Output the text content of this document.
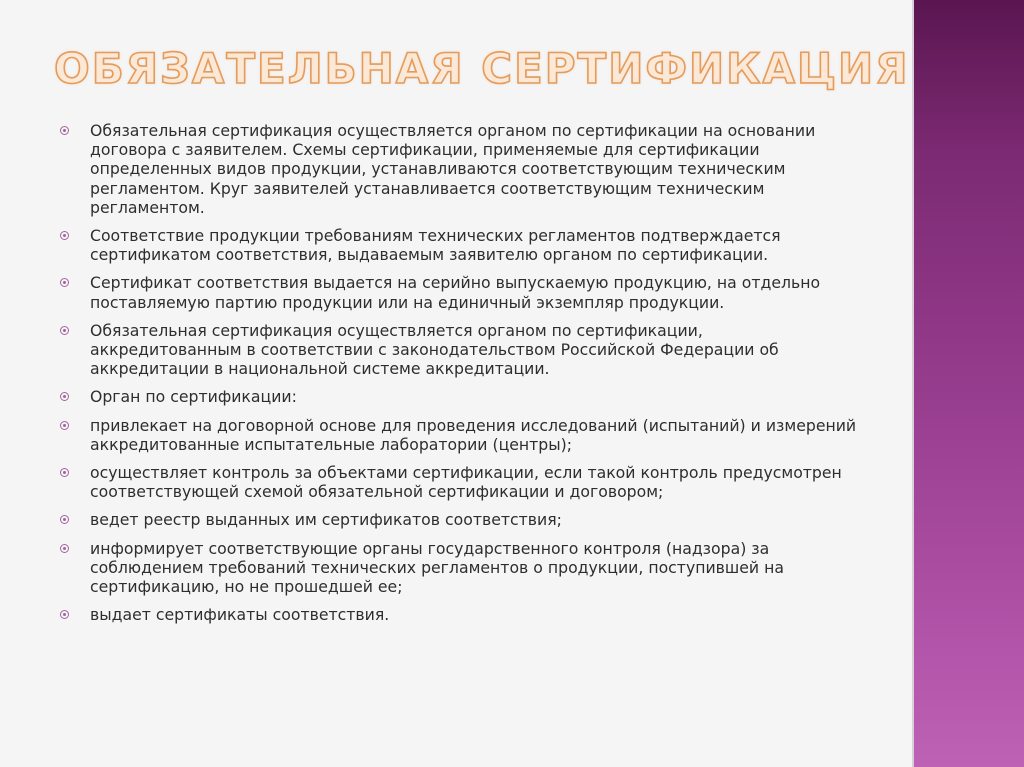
ОБЯЗАТЕЛЬНАЯ СЕРТИФИКАЦИЯ
Обязательная сертификация осуществляется органом по сертификации на основании договора с заявителем. Схемы сертификации, применяемые для сертификации определенных видов продукции, устанавливаются соответствующим техническим регламентом. Круг заявителей устанавливается соответствующим техническим регламентом.
Соответствие продукции требованиям технических регламентов подтверждается сертификатом соответствия, выдаваемым заявителю органом по сертификации.
Сертификат соответствия выдается на серийно выпускаемую продукцию, на отдельно поставляемую партию продукции или на единичный экземпляр продукции.
Обязательная сертификация осуществляется органом по сертификации, аккредитованным в соответствии с законодательством Российской Федерации об аккредитации в национальной системе аккредитации.
Орган по сертификации:
привлекает на договорной основе для проведения исследований (испытаний) и измерений аккредитованные испытательные лаборатории (центры);
осуществляет контроль за объектами сертификации, если такой контроль предусмотрен соответствующей схемой обязательной сертификации и договором;
ведет реестр выданных им сертификатов соответствия;
информирует соответствующие органы государственного контроля (надзора) за соблюдением требований технических регламентов о продукции, поступившей на сертификацию, но не прошедшей ее;
выдает сертификаты соответствия.
